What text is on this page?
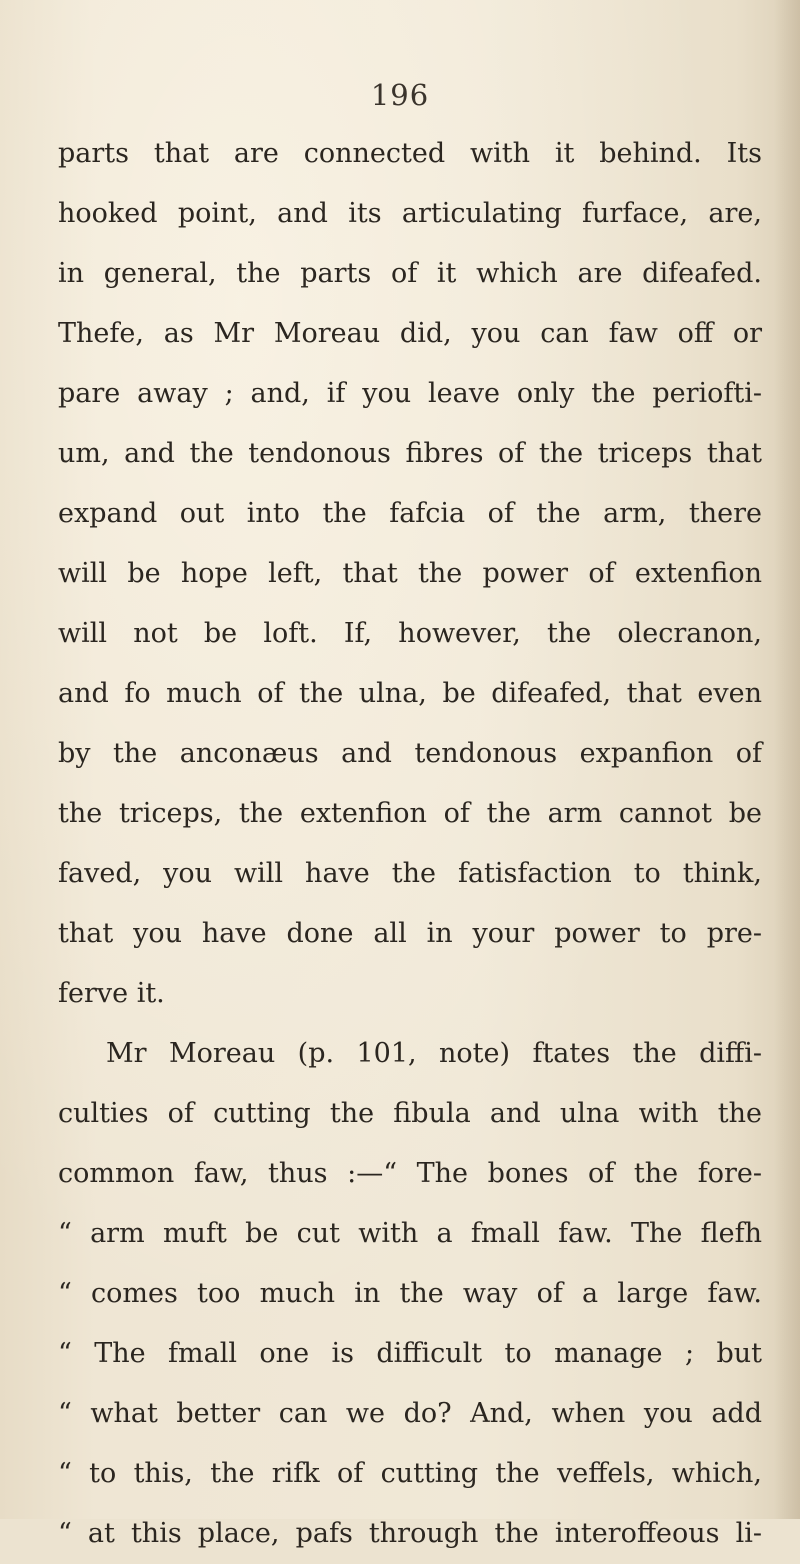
196
parts that are connected with it behind. Its
hooked point, and its articulating furface, are,
in general, the parts of it which are difeafed.
Thefe, as Mr Moreau did, you can faw off or
pare away ; and, if you leave only the periofti-
um, and the tendonous fibres of the triceps that
expand out into the fafcia of the arm, there
will be hope left, that the power of extenfion
will not be loft. If, however, the olecranon,
and fo much of the ulna, be difeafed, that even
by the anconæus and tendonous expanfion of
the triceps, the extenfion of the arm cannot be
faved, you will have the fatisfaction to think,
that you have done all in your power to pre-
ferve it.
Mr Moreau (p. 101, note) ftates the diffi-
culties of cutting the fibula and ulna with the
common faw, thus :—“ The bones of the fore-
“ arm muft be cut with a fmall faw. The flefh
“ comes too much in the way of a large faw.
“ The fmall one is difficult to manage ; but
“ what better can we do? And, when you add
“ to this, the rifk of cutting the veffels, which,
“ at this place, pafs through the interoffeous li-
